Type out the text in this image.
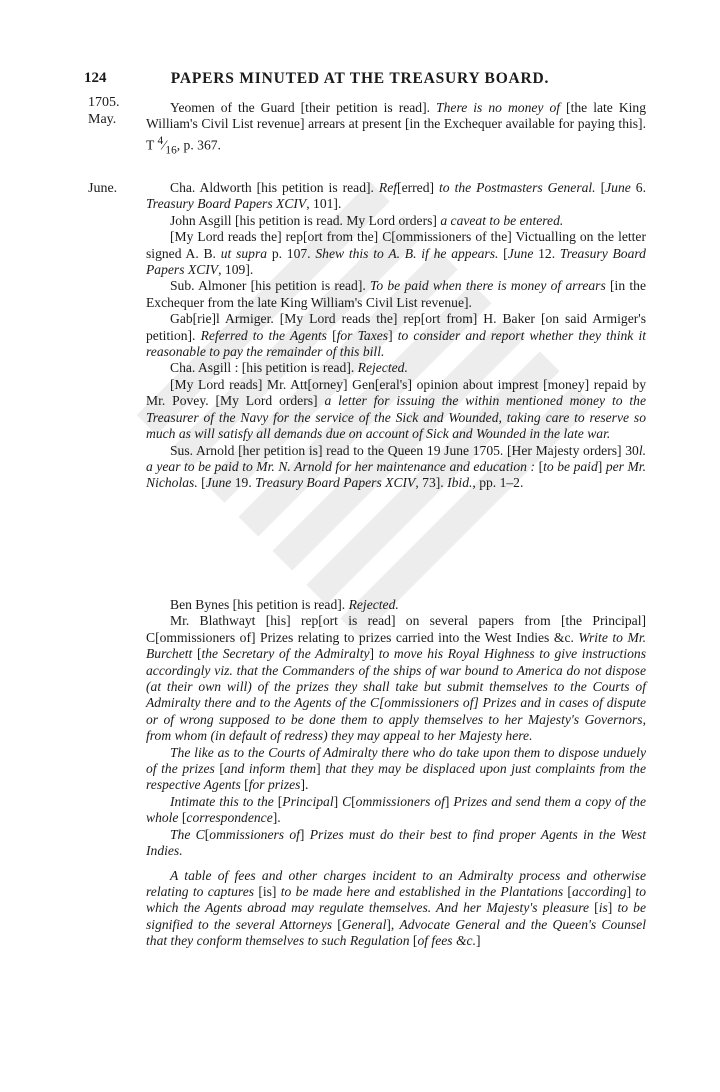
124	PAPERS MINUTED AT THE TREASURY BOARD.
1705.
May.
June.

Yeomen of the Guard [their petition is read]. There is no money of [the late King William's Civil List revenue] arrears at present [in the Exchequer available for paying this]. T $^4⁄_{16}$, p. 367.

Cha. Aldworth [his petition is read]. Ref[erred] to the Postmasters General. [June 6. Treasury Board Papers XCIV, 101].

John Asgill [his petition is read. My Lord orders] a caveat to be entered.

[My Lord reads the] rep[ort from the] C[ommissioners of the] Victualling on the letter signed A. B. ut supra p. 107. Shew this to A. B. if he appears. [June 12. Treasury Board Papers XCIV, 109].

Sub. Almoner [his petition is read]. To be paid when there is money of arrears [in the Exchequer from the late King William's Civil List revenue].

Gab[rie]l Armiger. [My Lord reads the] rep[ort from] H. Baker [on said Armiger's petition]. Referred to the Agents [for Taxes] to consider and report whether they think it reasonable to pay the remainder of this bill.

Cha. Asgill : [his petition is read]. Rejected.

[My Lord reads] Mr. Att[orney] Gen[eral's] opinion about imprest [money] repaid by Mr. Povey. [My Lord orders] a letter for issuing the within mentioned money to the Treasurer of the Navy for the service of the Sick and Wounded, taking care to reserve so much as will satisfy all demands due on account of Sick and Wounded in the late war.

Sus. Arnold [her petition is] read to the Queen 19 June 1705. [Her Majesty orders] 30l. a year to be paid to Mr. N. Arnold for her maintenance and education : [to be paid] per Mr. Nicholas. [June 19. Treasury Board Papers XCIV, 73]. Ibid., pp. 1–2.

Ben Bynes [his petition is read]. Rejected.

Mr. Blathwayt [his] rep[ort is read] on several papers from [the Principal] C[ommissioners of] Prizes relating to prizes carried into the West Indies &c. Write to Mr. Burchett [the Secretary of the Admiralty] to move his Royal Highness to give instructions accordingly viz. that the Commanders of the ships of war bound to America do not dispose (at their own will) of the prizes they shall take but submit themselves to the Courts of Admiralty there and to the Agents of the C[ommissioners of] Prizes and in cases of dispute or of wrong supposed to be done them to apply themselves to her Majesty's Governors, from whom (in default of redress) they may appeal to her Majesty here.

The like as to the Courts of Admiralty there who do take upon them to dispose unduely of the prizes [and inform them] that they may be displaced upon just complaints from the respective Agents [for prizes].

Intimate this to the [Principal] C[ommissioners of] Prizes and send them a copy of the whole [correspondence].

The C[ommissioners of] Prizes must do their best to find proper Agents in the West Indies.

A table of fees and other charges incident to an Admiralty process and otherwise relating to captures [is] to be made here and established in the Plantations [according] to which the Agents abroad may regulate themselves. And her Majesty's pleasure [is] to be signified to the several Attorneys [General], Advocate General and the Queen's Counsel that they conform themselves to such Regulation [of fees &c.]
